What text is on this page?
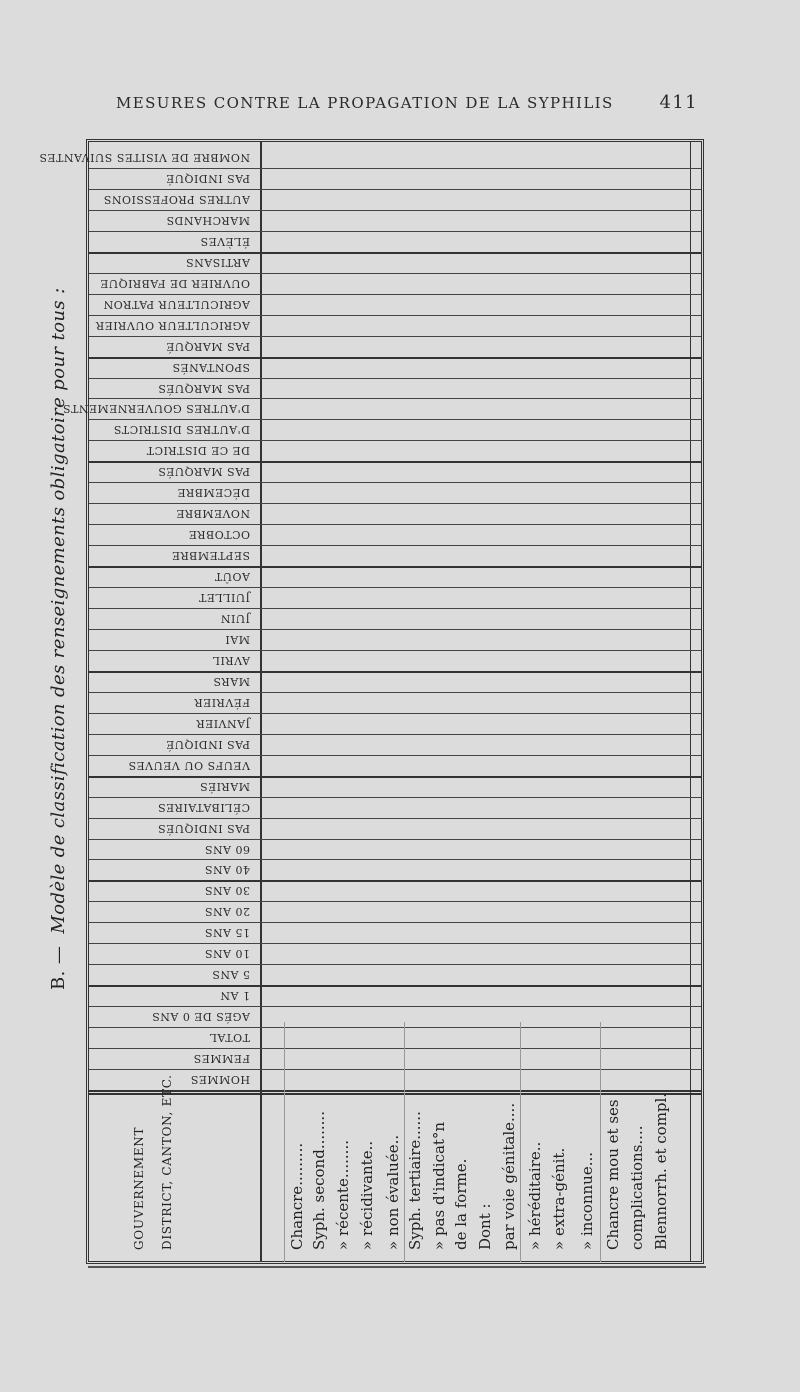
MESURES CONTRE LA PROPAGATION DE LA SYPHILIS	411
B. — Modèle de classification des renseignements obligatoire pour tous :
NOMBRE DE VISITES SUIVANTES
PAS INDIQUÉ
AUTRES PROFESSIONS
MARCHANDS
ÉLÈVES
ARTISANS
OUVRIER DE FABRIQUE
AGRICULTEUR PATRON
AGRICULTEUR OUVRIER
PAS MARQUÉ
SPONTANÉS
PAS MARQUÉS
D'AUTRES GOUVERNEMENTS
D'AUTRES DISTRICTS
DE CE DISTRICT
PAS MARQUÉS
DÉCEMBRE
NOVEMBRE
OCTOBRE
SEPTEMBRE
AOÛT
JUILLET
JUIN
MAI
AVRIL
MARS
FÉVRIER
JANVIER
PAS INDIQUÉ
VEUFS OU VEUVES
MARIÉS
CÉLIBATAIRES
PAS INDIQUÉS
60 ANS
40 ANS
30 ANS
20 ANS
15 ANS
10 ANS
5 ANS
1 AN
AGÉS DE 0 ANS
TOTAL
FEMMES
HOMMES
GOUVERNEMENT DISTRICT, CANTON, ETC.	Chancre......... Syph. second........ » récente........ » récidivante.. » non évaluée.. Syph. tertiaire...... » pas d'indicat°n de la forme. Dont : par voie génitale.... » héréditaire.. » extra-génit. » inconnue... Chancre mou et ses complications.... Blennorrh. et compl.
